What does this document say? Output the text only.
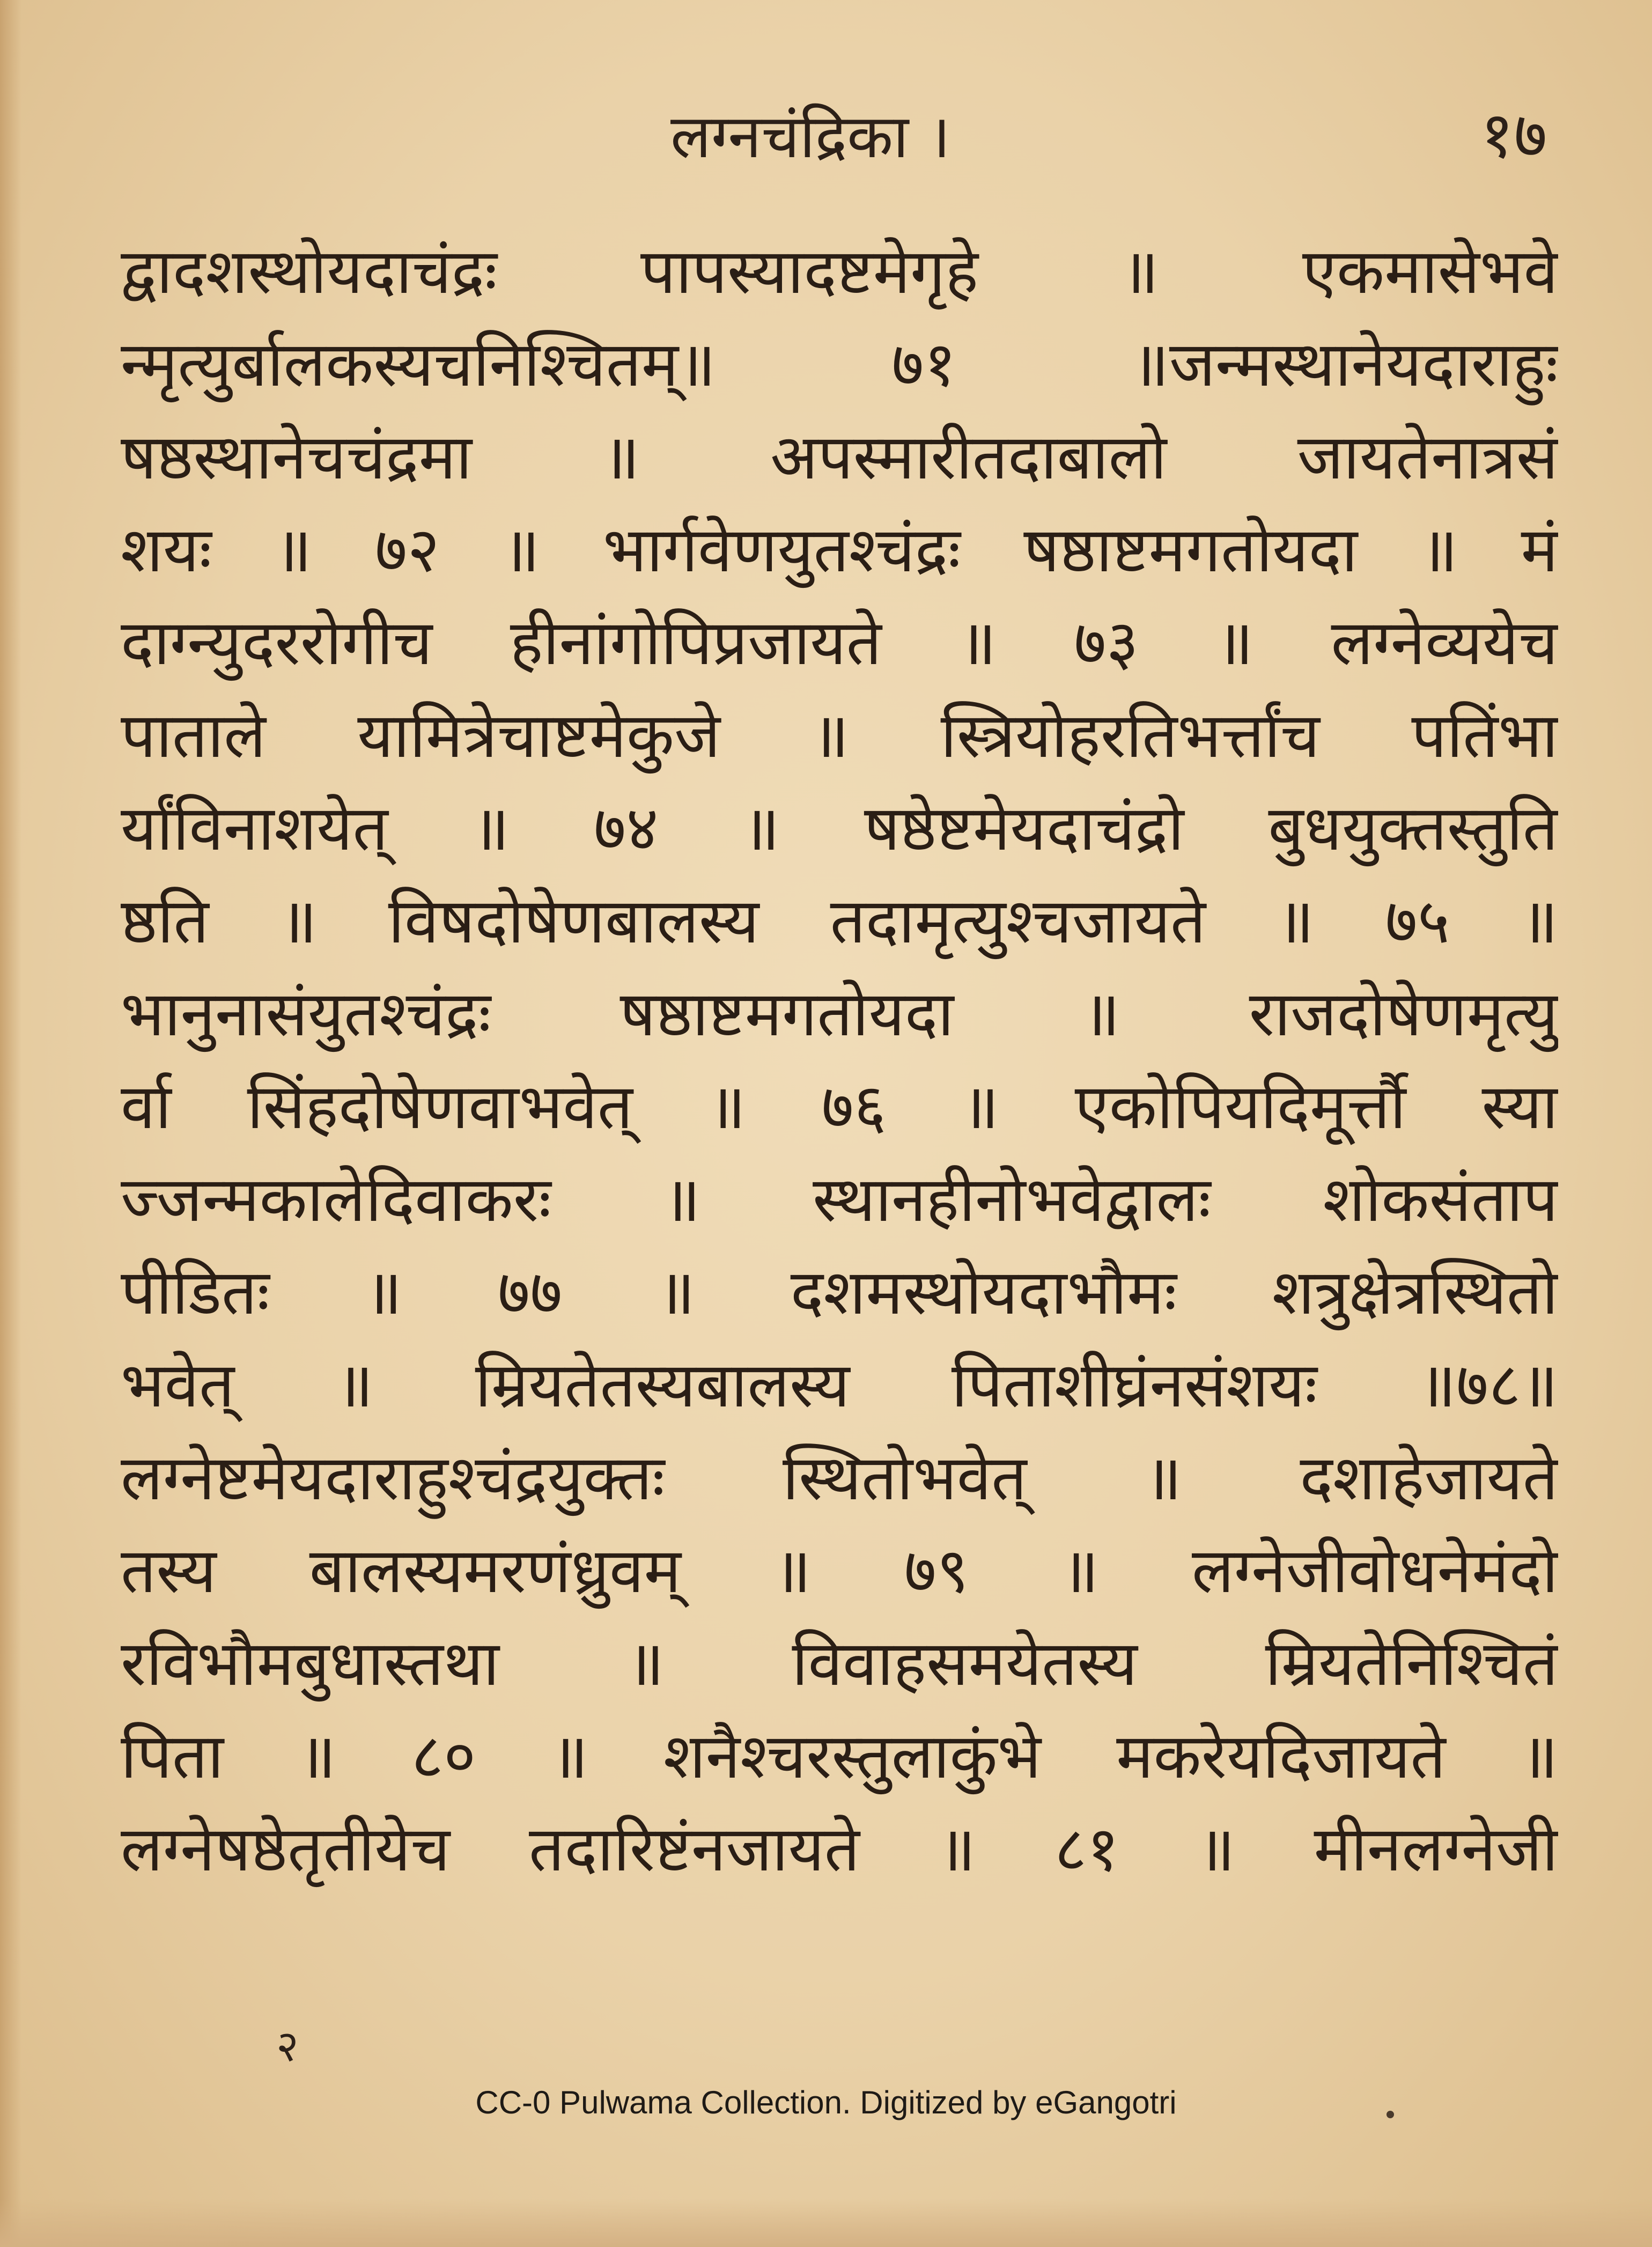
लग्नचंद्रिका ।	१७
द्वादशस्थोयदाचंद्रः पापस्यादष्टमेगृहे ॥ एकमासेभवे
न्मृत्युर्बालकस्यचनिश्चितम्॥ ७१ ॥जन्मस्थानेयदाराहुः
षष्ठस्थानेचचंद्रमा ॥ अपस्मारीतदाबालो जायतेनात्रसं
शयः ॥ ७२ ॥ भार्गवेणयुतश्चंद्रः षष्ठाष्टमगतोयदा ॥ मं
दाग्न्युदररोगीच हीनांगोपिप्रजायते ॥ ७३ ॥ लग्नेव्ययेच
पाताले यामित्रेचाष्टमेकुजे ॥ स्त्रियोहरतिभर्त्तांच पतिंभा
र्यांविनाशयेत् ॥ ७४ ॥ षष्ठेष्टमेयदाचंद्रो बुधयुक्तस्तुति
ष्ठति ॥ विषदोषेणबालस्य तदामृत्युश्चजायते ॥ ७५ ॥
भानुनासंयुतश्चंद्रः षष्ठाष्टमगतोयदा ॥ राजदोषेणमृत्यु
र्वा सिंहदोषेणवाभवेत् ॥ ७६ ॥ एकोपियदिमूर्त्तौ स्या
ज्जन्मकालेदिवाकरः ॥ स्थानहीनोभवेद्वालः शोकसंताप
पीडितः ॥ ७७ ॥ दशमस्थोयदाभौमः शत्रुक्षेत्रस्थितो
भवेत् ॥ म्रियतेतस्यबालस्य पिताशीघ्रंनसंशयः ॥७८॥
लग्नेष्टमेयदाराहुश्चंद्रयुक्तः स्थितोभवेत् ॥ दशाहेजायते
तस्य बालस्यमरणंध्रुवम् ॥ ७९ ॥ लग्नेजीवोधनेमंदो
रविभौमबुधास्तथा ॥ विवाहसमयेतस्य म्रियतेनिश्चितं
पिता ॥ ८० ॥ शनैश्चरस्तुलाकुंभे मकरेयदिजायते ॥
लग्नेषष्ठेतृतीयेच तदारिष्टंनजायते ॥ ८१ ॥ मीनलग्नेजी
२
CC-0 Pulwama Collection. Digitized by eGangotri
